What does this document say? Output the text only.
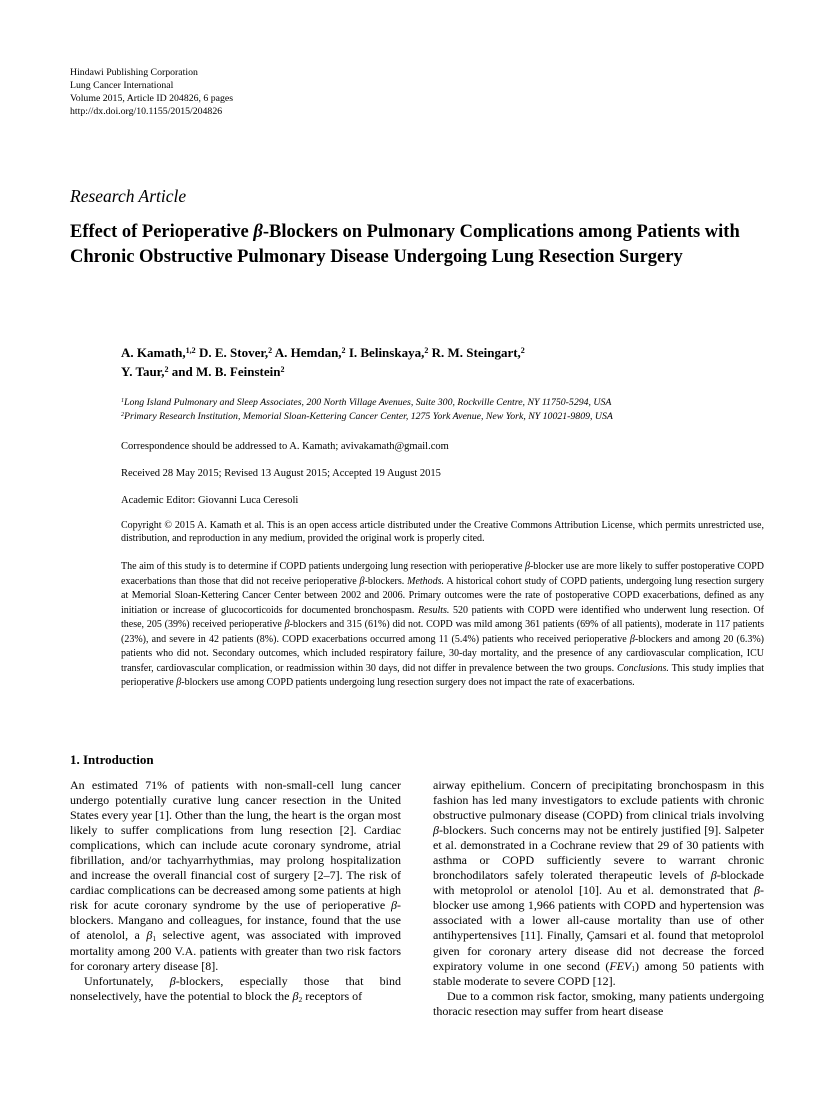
Hindawi Publishing Corporation
Lung Cancer International
Volume 2015, Article ID 204826, 6 pages
http://dx.doi.org/10.1155/2015/204826
Research Article
Effect of Perioperative β-Blockers on Pulmonary Complications among Patients with Chronic Obstructive Pulmonary Disease Undergoing Lung Resection Surgery
A. Kamath,$^{1,2}$ D. E. Stover,$^2$ A. Hemdan,$^2$ I. Belinskaya,$^2$ R. M. Steingart,$^2$
Y. Taur,$^2$ and M. B. Feinstein$^2$
$^1$Long Island Pulmonary and Sleep Associates, 200 North Village Avenues, Suite 300, Rockville Centre, NY 11750-5294, USA
$^2$Primary Research Institution, Memorial Sloan-Kettering Cancer Center, 1275 York Avenue, New York, NY 10021-9809, USA
Correspondence should be addressed to A. Kamath; avivakamath@gmail.com
Received 28 May 2015; Revised 13 August 2015; Accepted 19 August 2015
Academic Editor: Giovanni Luca Ceresoli
Copyright © 2015 A. Kamath et al. This is an open access article distributed under the Creative Commons Attribution License, which permits unrestricted use, distribution, and reproduction in any medium, provided the original work is properly cited.
The aim of this study is to determine if COPD patients undergoing lung resection with perioperative β-blocker use are more likely to suffer postoperative COPD exacerbations than those that did not receive perioperative β-blockers. Methods. A historical cohort study of COPD patients, undergoing lung resection surgery at Memorial Sloan-Kettering Cancer Center between 2002 and 2006. Primary outcomes were the rate of postoperative COPD exacerbations, defined as any initiation or increase of glucocorticoids for documented bronchospasm. Results. 520 patients with COPD were identified who underwent lung resection. Of these, 205 (39%) received perioperative β-blockers and 315 (61%) did not. COPD was mild among 361 patients (69% of all patients), moderate in 117 patients (23%), and severe in 42 patients (8%). COPD exacerbations occurred among 11 (5.4%) patients who received perioperative β-blockers and among 20 (6.3%) patients who did not. Secondary outcomes, which included respiratory failure, 30-day mortality, and the presence of any cardiovascular complication, ICU transfer, cardiovascular complication, or readmission within 30 days, did not differ in prevalence between the two groups. Conclusions. This study implies that perioperative β-blockers use among COPD patients undergoing lung resection surgery does not impact the rate of exacerbations.
1. Introduction

An estimated 71% of patients with non-small-cell lung cancer undergo potentially curative lung cancer resection in the United States every year [1]. Other than the lung, the heart is the organ most likely to suffer complications from lung resection [2]. Cardiac complications, which can include acute coronary syndrome, atrial fibrillation, and/or tachyarrhythmias, may prolong hospitalization and increase the overall financial cost of surgery [2–7]. The risk of cardiac complications can be decreased among some patients at high risk for acute coronary syndrome by the use of perioperative β-blockers. Mangano and colleagues, for instance, found that the use of atenolol, a $\beta_1$ selective agent, was associated with improved mortality among 200 V.A. patients with greater than two risk factors for coronary artery disease [8].

Unfortunately, β-blockers, especially those that bind nonselectively, have the potential to block the $\beta_2$ receptors of

airway epithelium. Concern of precipitating bronchospasm in this fashion has led many investigators to exclude patients with chronic obstructive pulmonary disease (COPD) from clinical trials involving β-blockers. Such concerns may not be entirely justified [9]. Salpeter et al. demonstrated in a Cochrane review that 29 of 30 patients with asthma or COPD sufficiently severe to warrant chronic bronchodilators safely tolerated therapeutic levels of β-blockade with metoprolol or atenolol [10]. Au et al. demonstrated that β-blocker use among 1,966 patients with COPD and hypertension was associated with a lower all-cause mortality than use of other antihypertensives [11]. Finally, Çamsari et al. found that metoprolol given for coronary artery disease did not decrease the forced expiratory volume in one second $(FEV_1)$ among 50 patients with stable moderate to severe COPD [12].

Due to a common risk factor, smoking, many patients undergoing thoracic resection may suffer from heart disease
